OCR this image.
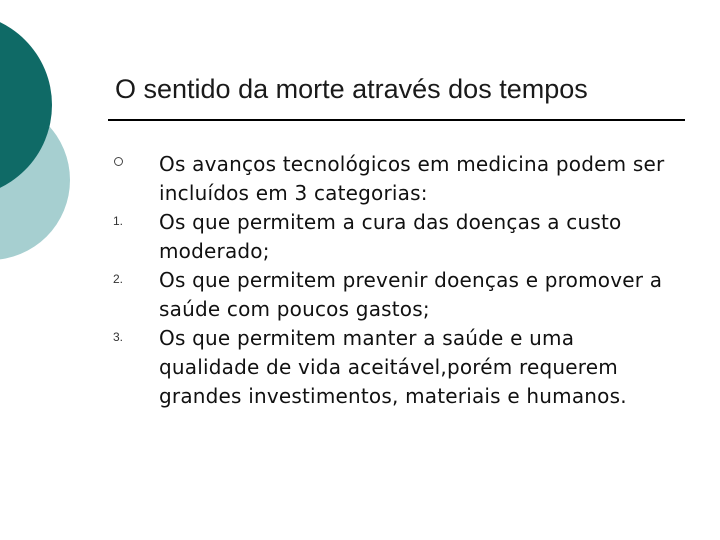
O sentido da morte através dos tempos
Os avanços tecnológicos em medicina podem ser incluídos em 3 categorias:
1. Os que permitem a cura das doenças a custo moderado;
2. Os que permitem prevenir doenças e promover a saúde com poucos gastos;
3. Os que permitem manter a saúde e uma qualidade de vida aceitável,porém requerem grandes investimentos, materiais e humanos.
